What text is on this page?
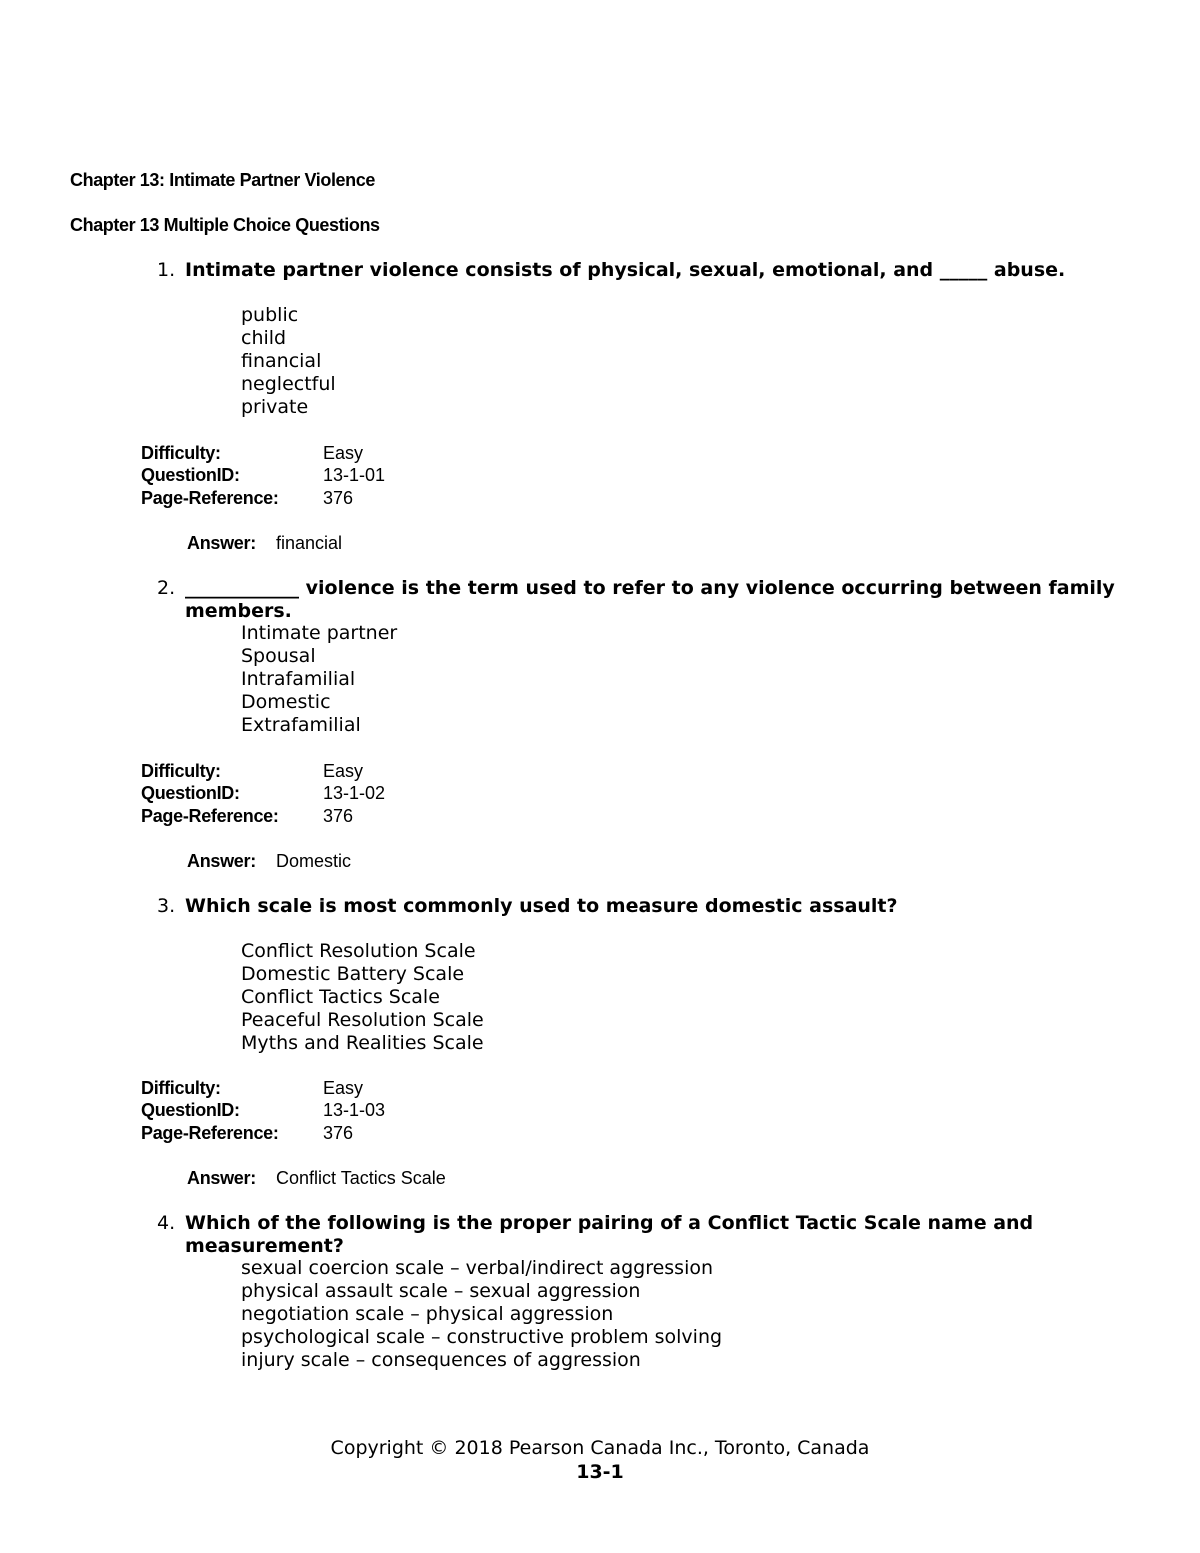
Chapter 13: Intimate Partner Violence
Chapter 13 Multiple Choice Questions
1. Intimate partner violence consists of physical, sexual, emotional, and _____ abuse.
public
child
financial
neglectful
private
Difficulty:	Easy
QuestionID:	13-1-01
Page-Reference: 376
Answer: financial
2. ____________ violence is the term used to refer to any violence occurring between family members.
Intimate partner
Spousal
Intrafamilial
Domestic
Extrafamilial
Difficulty:	Easy
QuestionID:	13-1-02
Page-Reference: 376
Answer: Domestic
3. Which scale is most commonly used to measure domestic assault?
Conflict Resolution Scale
Domestic Battery Scale
Conflict Tactics Scale
Peaceful Resolution Scale
Myths and Realities Scale
Difficulty:	Easy
QuestionID:	13-1-03
Page-Reference: 376
Answer: Conflict Tactics Scale
4. Which of the following is the proper pairing of a Conflict Tactic Scale name and measurement?
sexual coercion scale – verbal/indirect aggression
physical assault scale – sexual aggression
negotiation scale – physical aggression
psychological scale – constructive problem solving
injury scale – consequences of aggression
Copyright © 2018 Pearson Canada Inc., Toronto, Canada
13-1
